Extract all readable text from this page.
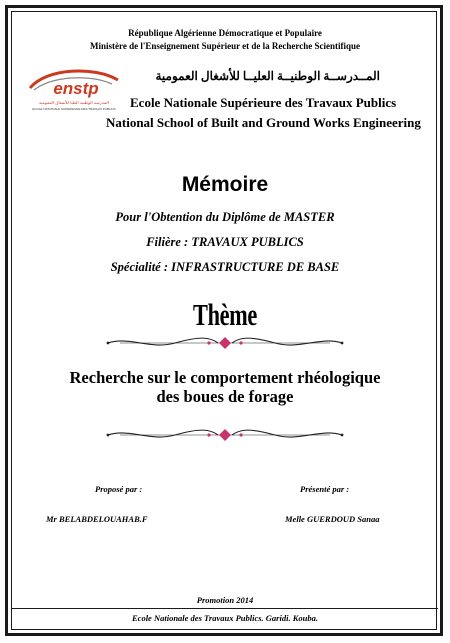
République Algérienne Démocratique et Populaire
Ministère de l'Enseignement Supérieur et de la Recherche Scientifique
enstp
المدرسة الوطنية العليا للأشغال العمومية
ECOLE NATIONALE SUPERIEURE DES TRAVAUX PUBLICS
المــدرســة الوطنيــة العليــا للأشغال العمومية
Ecole Nationale Supérieure des Travaux Publics
National School of Built and Ground Works Engineering
Mémoire
Pour l'Obtention du Diplôme de MASTER
Filière : TRAVAUX PUBLICS
Spécialité : INFRASTRUCTURE DE BASE
Thème
Recherche sur le comportement rhéologique
des boues de forage
Proposé par :	Présenté par :
Mr BELABDELOUAHAB.F	Melle GUERDOUD Sanaa
Promotion 2014
Ecole Nationale des Travaux Publics. Garidi. Kouba.
